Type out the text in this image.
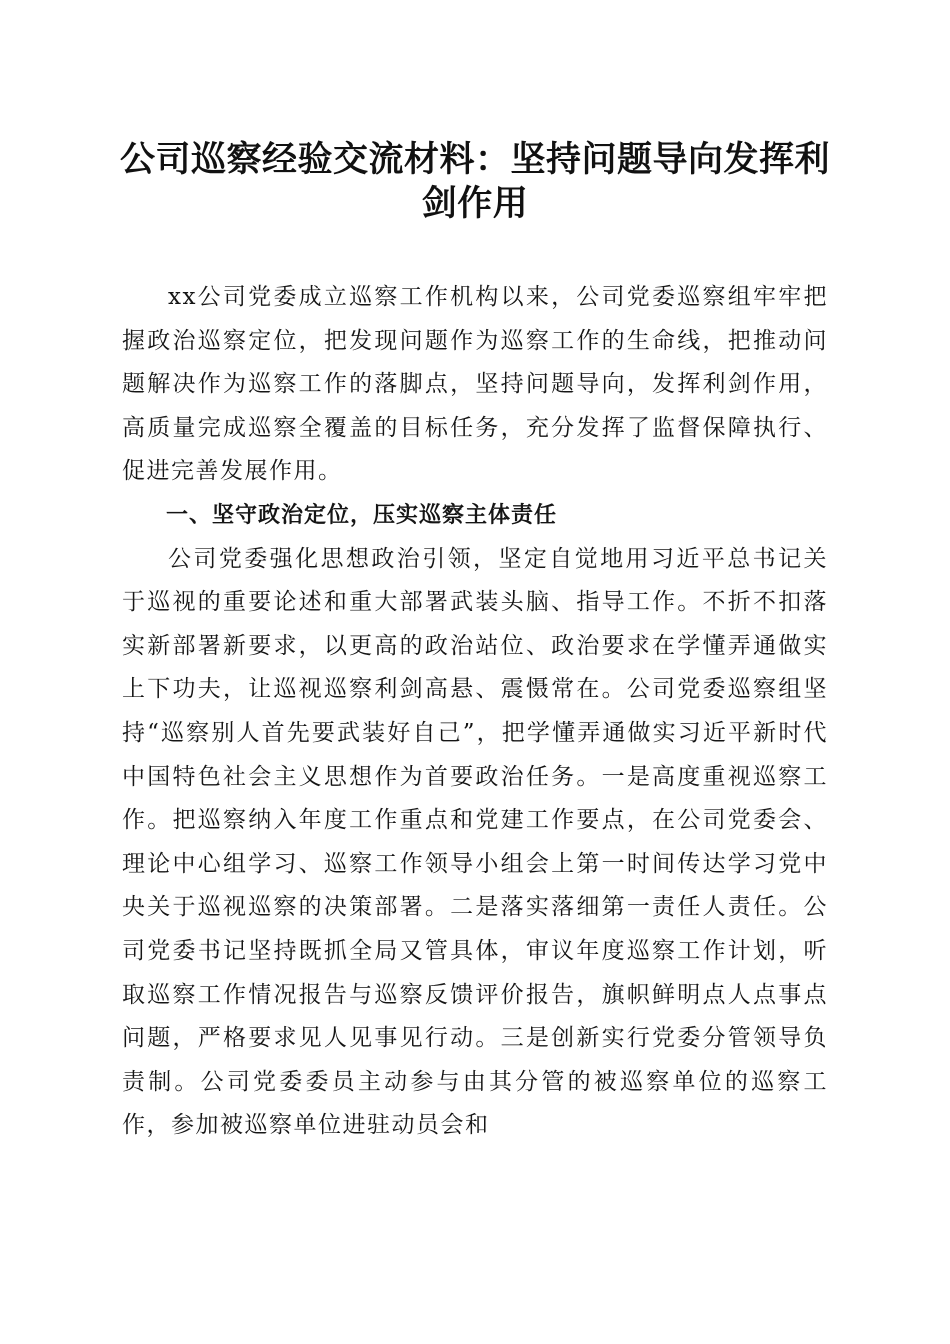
公司巡察经验交流材料：坚持问题导向发挥利剑作用

xx公司党委成立巡察工作机构以来，公司党委巡察组牢牢把握政治巡察定位，把发现问题作为巡察工作的生命线，把推动问题解决作为巡察工作的落脚点，坚持问题导向，发挥利剑作用，高质量完成巡察全覆盖的目标任务，充分发挥了监督保障执行、促进完善发展作用。

一、坚守政治定位，压实巡察主体责任

公司党委强化思想政治引领，坚定自觉地用习近平总书记关于巡视的重要论述和重大部署武装头脑、指导工作。不折不扣落实新部署新要求，以更高的政治站位、政治要求在学懂弄通做实上下功夫，让巡视巡察利剑高悬、震慑常在。公司党委巡察组坚持“巡察别人首先要武装好自己”，把学懂弄通做实习近平新时代中国特色社会主义思想作为首要政治任务。一是高度重视巡察工作。把巡察纳入年度工作重点和党建工作要点，在公司党委会、理论中心组学习、巡察工作领导小组会上第一时间传达学习党中央关于巡视巡察的决策部署。二是落实落细第一责任人责任。公司党委书记坚持既抓全局又管具体，审议年度巡察工作计划，听取巡察工作情况报告与巡察反馈评价报告，旗帜鲜明点人点事点问题，严格要求见人见事见行动。三是创新实行党委分管领导负责制。公司党委委员主动参与由其分管的被巡察单位的巡察工作，参加被巡察单位进驻动员会和
